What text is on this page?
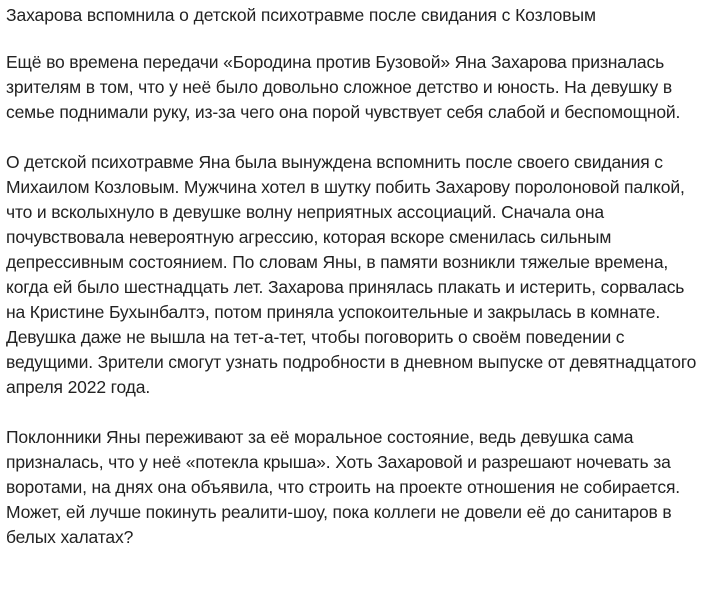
Захарова вспомнила о детской психотравме после свидания с Козловым

Ещё во времена передачи «Бородина против Бузовой» Яна Захарова призналась зрителям в том, что у неё было довольно сложное детство и юность. На девушку в семье поднимали руку, из-за чего она порой чувствует себя слабой и беспомощной.

О детской психотравме Яна была вынуждена вспомнить после своего свидания с Михаилом Козловым. Мужчина хотел в шутку побить Захарову поролоновой палкой, что и всколыхнуло в девушке волну неприятных ассоциаций. Сначала она почувствовала невероятную агрессию, которая вскоре сменилась сильным депрессивным состоянием. По словам Яны, в памяти возникли тяжелые времена, когда ей было шестнадцать лет. Захарова принялась плакать и истерить, сорвалась на Кристине Бухынбалтэ, потом приняла успокоительные и закрылась в комнате. Девушка даже не вышла на тет-а-тет, чтобы поговорить о своём поведении с ведущими. Зрители смогут узнать подробности в дневном выпуске от девятнадцатого апреля 2022 года.

Поклонники Яны переживают за её моральное состояние, ведь девушка сама призналась, что у неё «потекла крыша». Хоть Захаровой и разрешают ночевать за воротами, на днях она объявила, что строить на проекте отношения не собирается. Может, ей лучше покинуть реалити-шоу, пока коллеги не довели её до санитаров в белых халатах?
